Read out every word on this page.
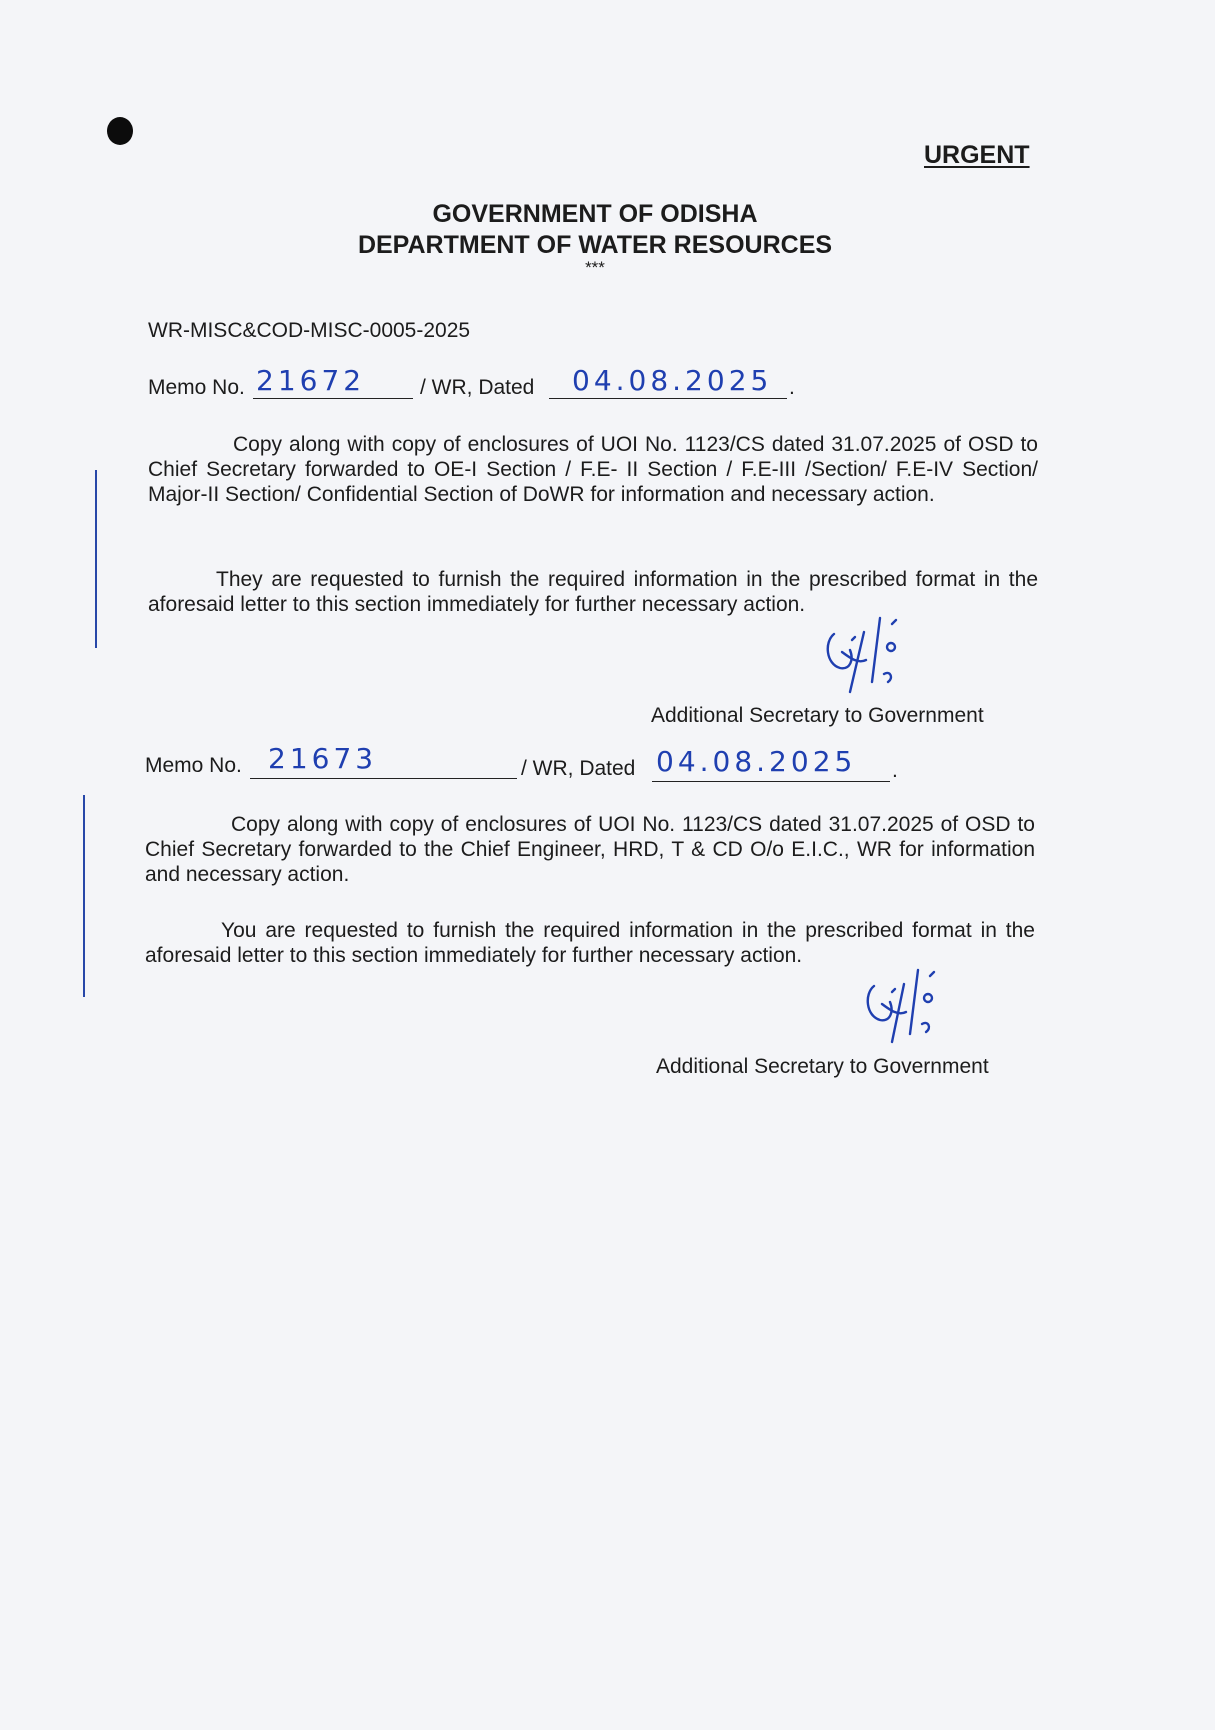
URGENT
GOVERNMENT OF ODISHA
DEPARTMENT OF WATER RESOURCES
***
WR-MISC&COD-MISC-0005-2025
Memo No. 21672	/ WR, Dated 04.08.2025 .
Copy along with copy of enclosures of UOI No. 1123/CS dated 31.07.2025 of OSD to Chief Secretary forwarded to OE-I Section / F.E- II Section / F.E-III /Section/ F.E-IV Section/ Major-II Section/ Confidential Section of DoWR for information and necessary action.
They are requested to furnish the required information in the prescribed format in the aforesaid letter to this section immediately for further necessary action.
Additional Secretary to Government
Memo No. 21673	/ WR, Dated 04.08.2025 .
Copy along with copy of enclosures of UOI No. 1123/CS dated 31.07.2025 of OSD to Chief Secretary forwarded to the Chief Engineer, HRD, T & CD O/o E.I.C., WR for information and necessary action.
You are requested to furnish the required information in the prescribed format in the aforesaid letter to this section immediately for further necessary action.
Additional Secretary to Government
